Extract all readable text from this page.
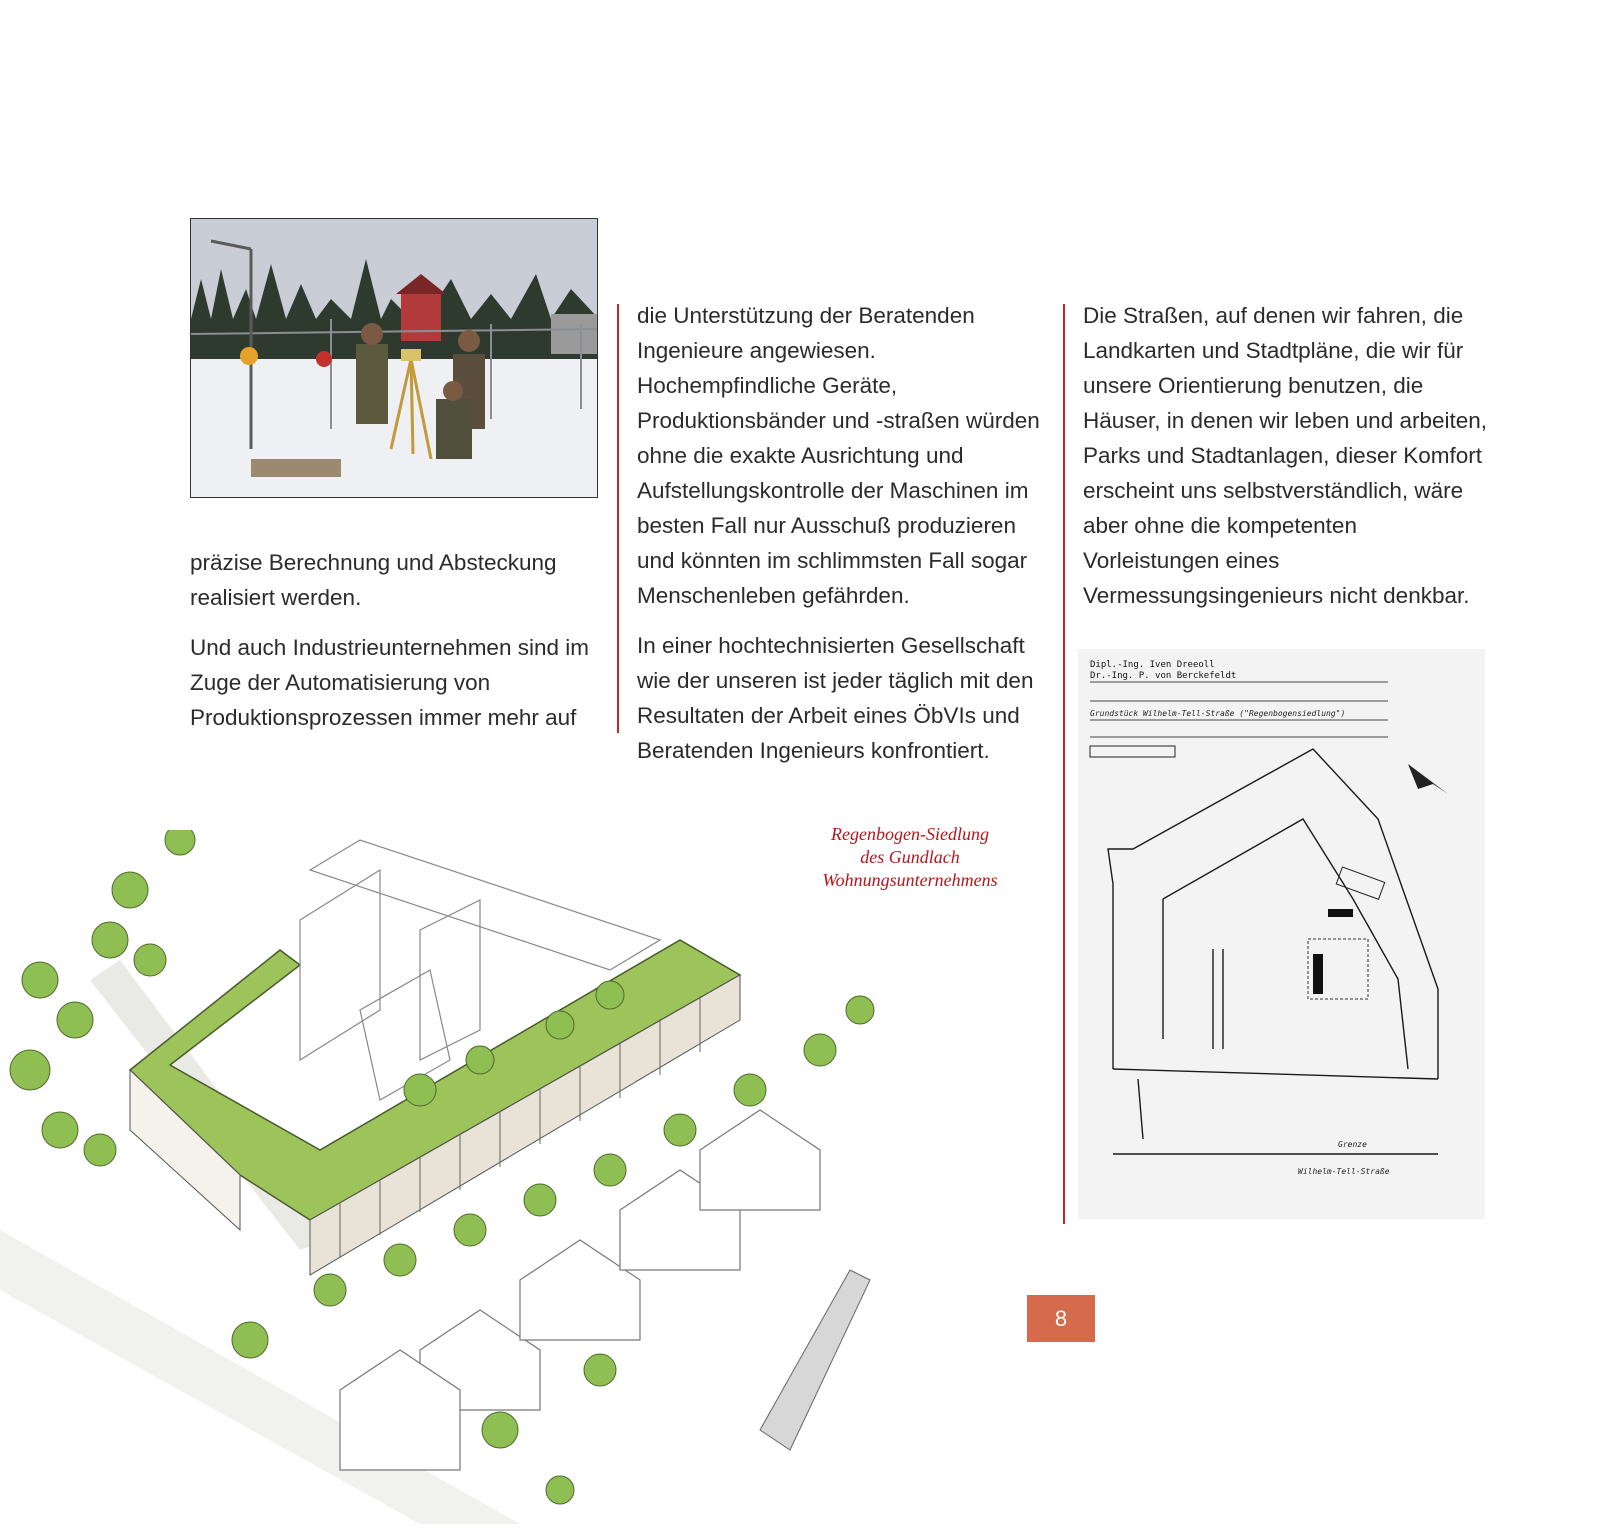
präzise Berechnung und Absteckung realisiert werden.

Und auch Industrieunternehmen sind im Zuge der Automatisierung von Produktionsprozessen immer mehr auf

die Unterstützung der Beratenden Ingenieure angewiesen. Hochempfindliche Geräte, Produktionsbänder und -straßen würden ohne die exakte Ausrichtung und Aufstellungskontrolle der Maschinen im besten Fall nur Ausschuß produzieren und könnten im schlimmsten Fall sogar Menschenleben gefährden.

In einer hochtechnisierten Gesellschaft wie der unseren ist jeder täglich mit den Resultaten der Arbeit eines ÖbVIs und Beratenden Ingenieurs konfrontiert.

Die Straßen, auf denen wir fahren, die Landkarten und Stadtpläne, die wir für unsere Orientierung benutzen, die Häuser, in denen wir leben und arbeiten, Parks und Stadtanlagen, dieser Komfort erscheint uns selbstverständlich, wäre aber ohne die kompetenten Vorleistungen eines Vermessungsingenieurs nicht denkbar.

Dipl.-Ing. Iven Dreeoll
Dr.-Ing. P. von Berckefeldt
Grundstück Wilhelm-Tell-Straße ("Regenbogensiedlung")
Wilhelm-Tell-Straße
Grenze
Regenbogen-Siedlung
des Gundlach
Wohnungsunternehmens
8
